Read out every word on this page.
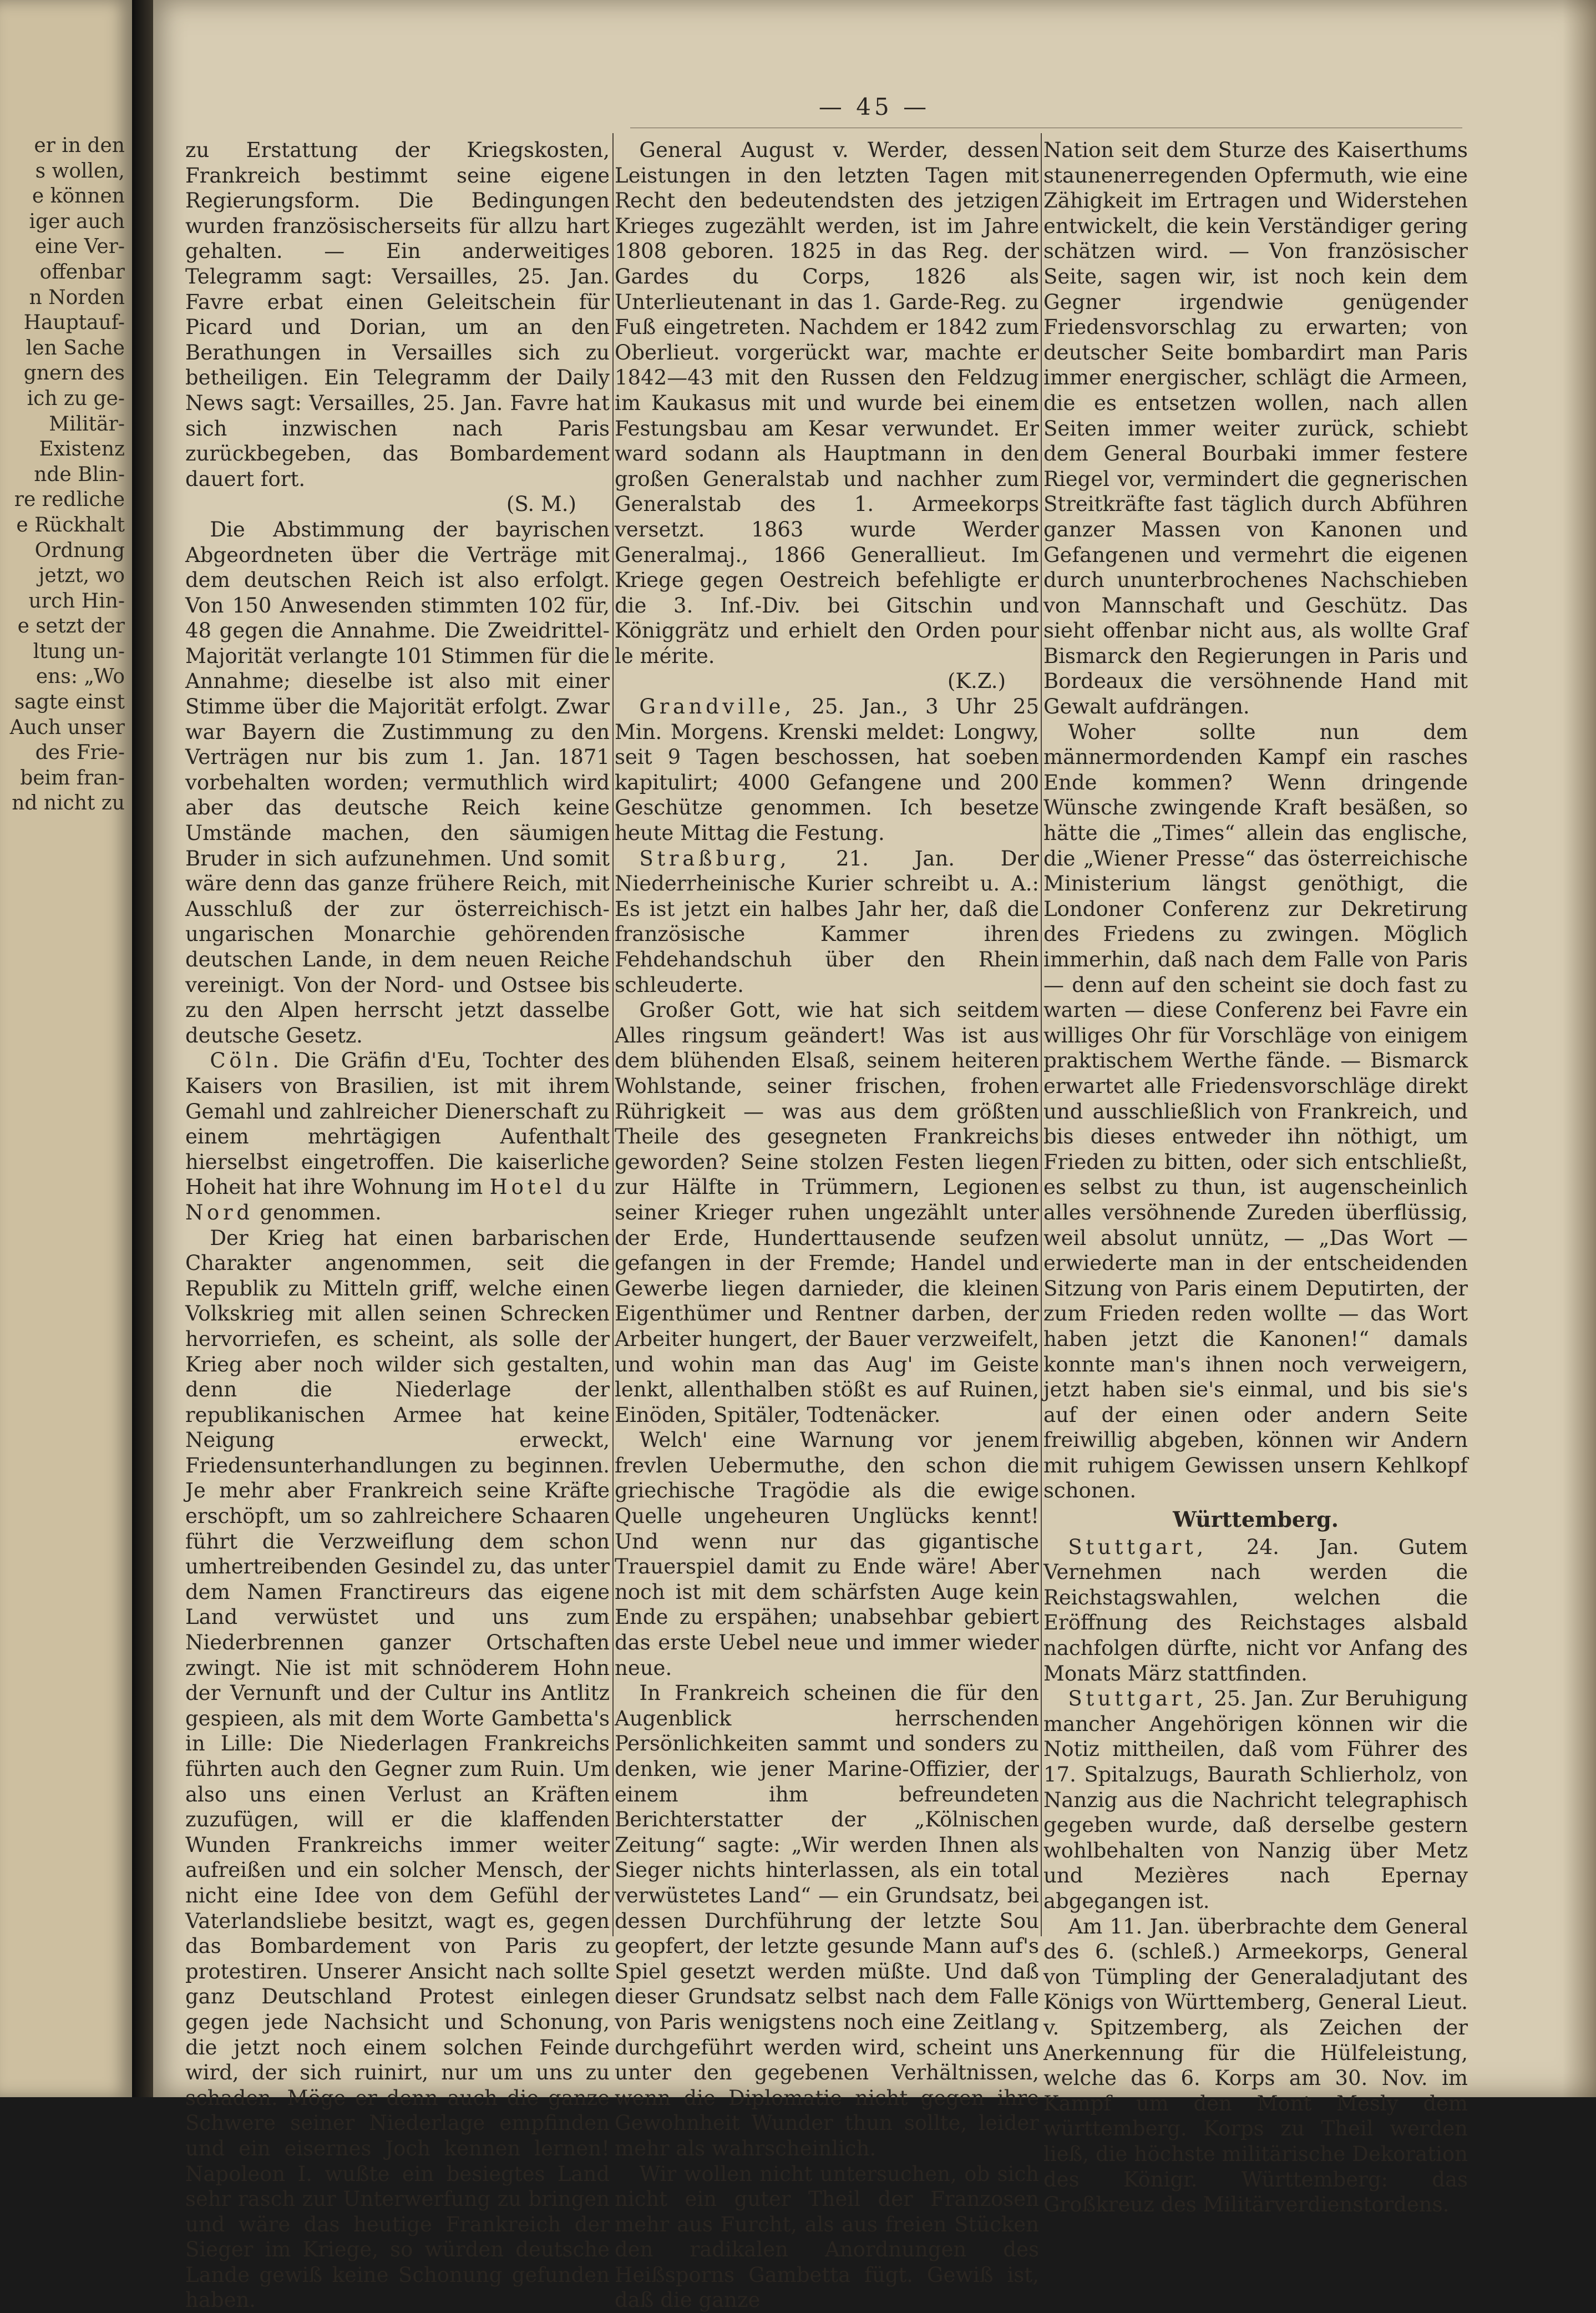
er in den
s wollen,
e können
iger auch
eine Ver-
offenbar
n Norden
Hauptauf-
len Sache
gnern des
ich zu ge-
Militär-
Existenz
nde Blin-
re redliche
e Rückhalt
Ordnung
jetzt, wo
urch Hin-
e setzt der
ltung un-
ens: „Wo
sagte einst
Auch unser
des Frie-
beim fran-
nd nicht zu
— 45 —

zu Erstattung der Kriegskosten, Frankreich bestimmt seine eigene Regierungsform. Die Bedingungen wurden französischerseits für allzu hart gehalten. — Ein anderweitiges Telegramm sagt: Versailles, 25. Jan. Favre erbat einen Geleitschein für Picard und Dorian, um an den Berathungen in Versailles sich zu betheiligen. Ein Telegramm der Daily News sagt: Versailles, 25. Jan. Favre hat sich inzwischen nach Paris zurückbegeben, das Bombardement dauert fort.

(S. M.)

Die Abstimmung der bayrischen Abgeordneten über die Verträge mit dem deutschen Reich ist also erfolgt. Von 150 Anwesenden stimmten 102 für, 48 gegen die Annahme. Die Zweidrittel-Majorität verlangte 101 Stimmen für die Annahme; dieselbe ist also mit einer Stimme über die Majorität erfolgt. Zwar war Bayern die Zustimmung zu den Verträgen nur bis zum 1. Jan. 1871 vorbehalten worden; vermuthlich wird aber das deutsche Reich keine Umstände machen, den säumigen Bruder in sich aufzunehmen. Und somit wäre denn das ganze frühere Reich, mit Ausschluß der zur österreichisch-ungarischen Monarchie gehörenden deutschen Lande, in dem neuen Reiche vereinigt. Von der Nord- und Ostsee bis zu den Alpen herrscht jetzt dasselbe deutsche Gesetz.

Cöln. Die Gräfin d'Eu, Tochter des Kaisers von Brasilien, ist mit ihrem Gemahl und zahlreicher Dienerschaft zu einem mehrtägigen Aufenthalt hierselbst eingetroffen. Die kaiserliche Hoheit hat ihre Wohnung im Hotel du Nord genommen.

Der Krieg hat einen barbarischen Charakter angenommen, seit die Republik zu Mitteln griff, welche einen Volkskrieg mit allen seinen Schrecken hervorriefen, es scheint, als solle der Krieg aber noch wilder sich gestalten, denn die Niederlage der republikanischen Armee hat keine Neigung erweckt, Friedensunterhandlungen zu beginnen. Je mehr aber Frankreich seine Kräfte erschöpft, um so zahlreichere Schaaren führt die Verzweiflung dem schon umhertreibenden Gesindel zu, das unter dem Namen Franctireurs das eigene Land verwüstet und uns zum Niederbrennen ganzer Ortschaften zwingt. Nie ist mit schnöderem Hohn der Vernunft und der Cultur ins Antlitz gespieen, als mit dem Worte Gambetta's in Lille: Die Niederlagen Frankreichs führten auch den Gegner zum Ruin. Um also uns einen Verlust an Kräften zuzufügen, will er die klaffenden Wunden Frankreichs immer weiter aufreißen und ein solcher Mensch, der nicht eine Idee von dem Gefühl der Vaterlandsliebe besitzt, wagt es, gegen das Bombardement von Paris zu protestiren. Unserer Ansicht nach sollte ganz Deutschland Protest einlegen gegen jede Nachsicht und Schonung, die jetzt noch einem solchen Feinde wird, der sich ruinirt, nur um uns zu schaden. Möge er denn auch die ganze Schwere seiner Niederlage empfinden und ein eisernes Joch kennen lernen! Napoleon I. wußte ein besiegtes Land sehr rasch zur Unterwerfung zu bringen und wäre das heutige Frankreich der Sieger im Kriege, so würden deutsche Lande gewiß keine Schonung gefunden haben.

General August v. Werder, dessen Leistungen in den letzten Tagen mit Recht den bedeutendsten des jetzigen Krieges zugezählt werden, ist im Jahre 1808 geboren. 1825 in das Reg. der Gardes du Corps, 1826 als Unterlieutenant in das 1. Garde-Reg. zu Fuß eingetreten. Nachdem er 1842 zum Oberlieut. vorgerückt war, machte er 1842—43 mit den Russen den Feldzug im Kaukasus mit und wurde bei einem Festungsbau am Kesar verwundet. Er ward sodann als Hauptmann in den großen Generalstab und nachher zum Generalstab des 1. Armeekorps versetzt. 1863 wurde Werder Generalmaj., 1866 Generallieut. Im Kriege gegen Oestreich befehligte er die 3. Inf.-Div. bei Gitschin und Königgrätz und erhielt den Orden pour le mérite.

(K.Z.)

Grandville, 25. Jan., 3 Uhr 25 Min. Morgens. Krenski meldet: Longwy, seit 9 Tagen beschossen, hat soeben kapitulirt; 4000 Gefangene und 200 Geschütze genommen. Ich besetze heute Mittag die Festung.

Straßburg, 21. Jan. Der Niederrheinische Kurier schreibt u. A.: Es ist jetzt ein halbes Jahr her, daß die französische Kammer ihren Fehdehandschuh über den Rhein schleuderte.

Großer Gott, wie hat sich seitdem Alles ringsum geändert! Was ist aus dem blühenden Elsaß, seinem heiteren Wohlstande, seiner frischen, frohen Rührigkeit — was aus dem größten Theile des gesegneten Frankreichs geworden? Seine stolzen Festen liegen zur Hälfte in Trümmern, Legionen seiner Krieger ruhen ungezählt unter der Erde, Hunderttausende seufzen gefangen in der Fremde; Handel und Gewerbe liegen darnieder, die kleinen Eigenthümer und Rentner darben, der Arbeiter hungert, der Bauer verzweifelt, und wohin man das Aug' im Geiste lenkt, allenthalben stößt es auf Ruinen, Einöden, Spitäler, Todtenäcker.

Welch' eine Warnung vor jenem frevlen Uebermuthe, den schon die griechische Tragödie als die ewige Quelle ungeheuren Unglücks kennt! Und wenn nur das gigantische Trauerspiel damit zu Ende wäre! Aber noch ist mit dem schärfsten Auge kein Ende zu erspähen; unabsehbar gebiert das erste Uebel neue und immer wieder neue.

In Frankreich scheinen die für den Augenblick herrschenden Persönlichkeiten sammt und sonders zu denken, wie jener Marine-Offizier, der einem ihm befreundeten Berichterstatter der „Kölnischen Zeitung“ sagte: „Wir werden Ihnen als Sieger nichts hinterlassen, als ein total verwüstetes Land“ — ein Grundsatz, bei dessen Durchführung der letzte Sou geopfert, der letzte gesunde Mann auf's Spiel gesetzt werden müßte. Und daß dieser Grundsatz selbst nach dem Falle von Paris wenigstens noch eine Zeitlang durchgeführt werden wird, scheint uns unter den gegebenen Verhältnissen, wenn die Diplomatie nicht gegen ihre Gewohnheit Wunder thun sollte, leider mehr als wahrscheinlich.

Wir wollen nicht untersuchen, ob sich nicht ein guter Theil der Franzosen mehr aus Furcht, als aus freien Stücken den radikalen Anordnungen des Heißsporns Gambetta fügt. Gewiß ist, daß die ganze

Nation seit dem Sturze des Kaiserthums staunenerregenden Opfermuth, wie eine Zähigkeit im Ertragen und Widerstehen entwickelt, die kein Verständiger gering schätzen wird. — Von französischer Seite, sagen wir, ist noch kein dem Gegner irgendwie genügender Friedensvorschlag zu erwarten; von deutscher Seite bombardirt man Paris immer energischer, schlägt die Armeen, die es entsetzen wollen, nach allen Seiten immer weiter zurück, schiebt dem General Bourbaki immer festere Riegel vor, vermindert die gegnerischen Streitkräfte fast täglich durch Abführen ganzer Massen von Kanonen und Gefangenen und vermehrt die eigenen durch ununterbrochenes Nachschieben von Mannschaft und Geschütz. Das sieht offenbar nicht aus, als wollte Graf Bismarck den Regierungen in Paris und Bordeaux die versöhnende Hand mit Gewalt aufdrängen.

Woher sollte nun dem männermordenden Kampf ein rasches Ende kommen? Wenn dringende Wünsche zwingende Kraft besäßen, so hätte die „Times“ allein das englische, die „Wiener Presse“ das österreichische Ministerium längst genöthigt, die Londoner Conferenz zur Dekretirung des Friedens zu zwingen. Möglich immerhin, daß nach dem Falle von Paris — denn auf den scheint sie doch fast zu warten — diese Conferenz bei Favre ein williges Ohr für Vorschläge von einigem praktischem Werthe fände. — Bismarck erwartet alle Friedensvorschläge direkt und ausschließlich von Frankreich, und bis dieses entweder ihn nöthigt, um Frieden zu bitten, oder sich entschließt, es selbst zu thun, ist augenscheinlich alles versöhnende Zureden überflüssig, weil absolut unnütz, — „Das Wort — erwiederte man in der entscheidenden Sitzung von Paris einem Deputirten, der zum Frieden reden wollte — das Wort haben jetzt die Kanonen!“ damals konnte man's ihnen noch verweigern, jetzt haben sie's einmal, und bis sie's auf der einen oder andern Seite freiwillig abgeben, können wir Andern mit ruhigem Gewissen unsern Kehlkopf schonen.

Württemberg.

Stuttgart, 24. Jan. Gutem Vernehmen nach werden die Reichstagswahlen, welchen die Eröffnung des Reichstages alsbald nachfolgen dürfte, nicht vor Anfang des Monats März stattfinden.

Stuttgart, 25. Jan. Zur Beruhigung mancher Angehörigen können wir die Notiz mittheilen, daß vom Führer des 17. Spitalzugs, Baurath Schlierholz, von Nanzig aus die Nachricht telegraphisch gegeben wurde, daß derselbe gestern wohlbehalten von Nanzig über Metz und Mezières nach Epernay abgegangen ist.

Am 11. Jan. überbrachte dem General des 6. (schleß.) Armeekorps, General von Tümpling der Generaladjutant des Königs von Württemberg, General Lieut. v. Spitzemberg, als Zeichen der Anerkennung für die Hülfeleistung, welche das 6. Korps am 30. Nov. im Kampf um den Mont Mesly dem württemberg. Korps zu Theil werden ließ, die höchste militärische Dekoration des Königr. Württemberg: das Großkreuz des Militärverdienstordens.
